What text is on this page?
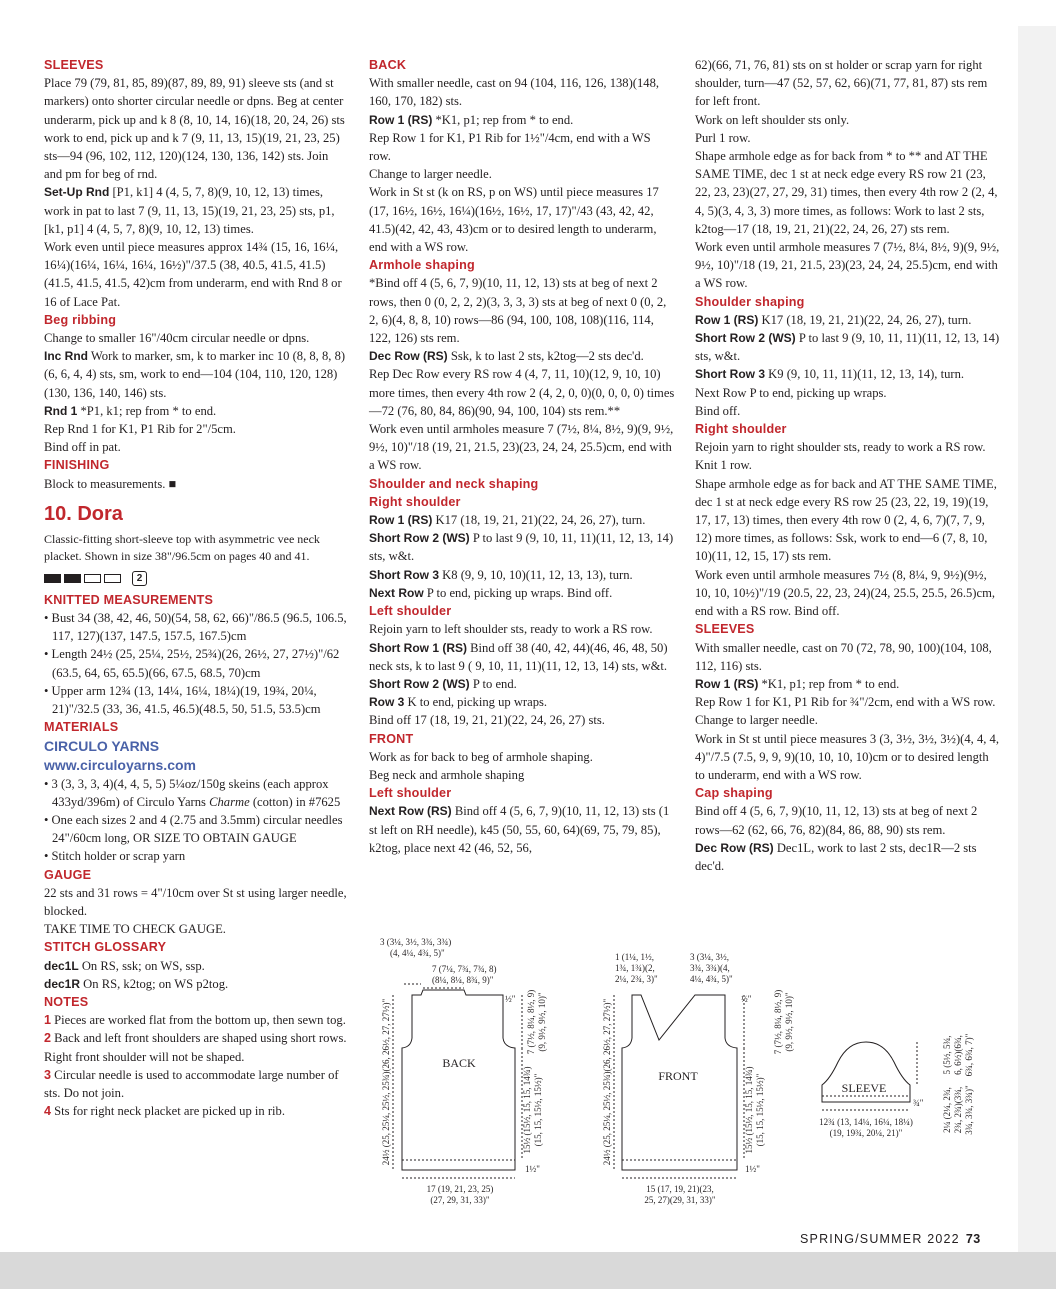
SLEEVES

Place 79 (79, 81, 85, 89)(87, 89, 89, 91) sleeve sts (and st markers) onto shorter circular needle or dpns. Beg at center underarm, pick up and k 8 (8, 10, 14, 16)(18, 20, 24, 26) sts work to end, pick up and k 7 (9, 11, 13, 15)(19, 21, 23, 25) sts—94 (96, 102, 112, 120)(124, 130, 136, 142) sts. Join and pm for beg of rnd.

Set-Up Rnd [P1, k1] 4 (4, 5, 7, 8)(9, 10, 12, 13) times, work in pat to last 7 (9, 11, 13, 15)(19, 21, 23, 25) sts, p1, [k1, p1] 4 (4, 5, 7, 8)(9, 10, 12, 13) times.

Work even until piece measures approx 14¾ (15, 16, 16¼, 16¼)(16¼, 16¼, 16¼, 16½)"/37.5 (38, 40.5, 41.5, 41.5)(41.5, 41.5, 41.5, 42)cm from underarm, end with Rnd 8 or 16 of Lace Pat.

Beg ribbing

Change to smaller 16"/40cm circular needle or dpns.

Inc Rnd Work to marker, sm, k to marker inc 10 (8, 8, 8, 8)(6, 6, 4, 4) sts, sm, work to end—104 (104, 110, 120, 128)(130, 136, 140, 146) sts.

Rnd 1 *P1, k1; rep from * to end.

Rep Rnd 1 for K1, P1 Rib for 2"/5cm.

Bind off in pat.

FINISHING

Block to measurements. ■

10. Dora

Classic-fitting short-sleeve top with asymmetric vee neck placket. Shown in size 38"/96.5cm on pages 40 and 41.

2

KNITTED MEASUREMENTS

• Bust 34 (38, 42, 46, 50)(54, 58, 62, 66)"/86.5 (96.5, 106.5, 117, 127)(137, 147.5, 157.5, 167.5)cm

• Length 24½ (25, 25¼, 25½, 25¾)(26, 26½, 27, 27½)"/62 (63.5, 64, 65, 65.5)(66, 67.5, 68.5, 70)cm

• Upper arm 12¾ (13, 14¼, 16¼, 18¼)(19, 19¾, 20¼, 21)"/32.5 (33, 36, 41.5, 46.5)(48.5, 50, 51.5, 53.5)cm

MATERIALS

CIRCULO YARNS

www.circuloyarns.com

• 3 (3, 3, 3, 4)(4, 4, 5, 5) 5¼oz/150g skeins (each approx 433yd/396m) of Circulo Yarns Charme (cotton) in #7625

• One each sizes 2 and 4 (2.75 and 3.5mm) circular needles 24"/60cm long, OR SIZE TO OBTAIN GAUGE

• Stitch holder or scrap yarn

GAUGE

22 sts and 31 rows = 4"/10cm over St st using larger needle, blocked.

TAKE TIME TO CHECK GAUGE.

STITCH GLOSSARY

dec1L On RS, ssk; on WS, ssp.

dec1R On RS, k2tog; on WS p2tog.

NOTES

1 Pieces are worked flat from the bottom up, then sewn tog.

2 Back and left front shoulders are shaped using short rows. Right front shoulder will not be shaped.

3 Circular needle is used to accommodate large number of sts. Do not join.

4 Sts for right neck placket are picked up in rib.

BACK

With smaller needle, cast on 94 (104, 116, 126, 138)(148, 160, 170, 182) sts.

Row 1 (RS) *K1, p1; rep from * to end.

Rep Row 1 for K1, P1 Rib for 1½"/4cm, end with a WS row.

Change to larger needle.

Work in St st (k on RS, p on WS) until piece measures 17 (17, 16½, 16½, 16¼)(16½, 16½, 17, 17)"/43 (43, 42, 42, 41.5)(42, 42, 43, 43)cm or to desired length to underarm, end with a WS row.

Armhole shaping

*Bind off 4 (5, 6, 7, 9)(10, 11, 12, 13) sts at beg of next 2 rows, then 0 (0, 2, 2, 2)(3, 3, 3, 3) sts at beg of next 0 (0, 2, 2, 6)(4, 8, 8, 10) rows—86 (94, 100, 108, 108)(116, 114, 122, 126) sts rem.

Dec Row (RS) Ssk, k to last 2 sts, k2tog—2 sts dec'd.

Rep Dec Row every RS row 4 (4, 7, 11, 10)(12, 9, 10, 10) more times, then every 4th row 2 (4, 2, 0, 0)(0, 0, 0, 0) times—72 (76, 80, 84, 86)(90, 94, 100, 104) sts rem.**

Work even until armholes measure 7 (7½, 8¼, 8½, 9)(9, 9½, 9½, 10)"/18 (19, 21, 21.5, 23)(23, 24, 24, 25.5)cm, end with a WS row.

Shoulder and neck shaping

Right shoulder

Row 1 (RS) K17 (18, 19, 21, 21)(22, 24, 26, 27), turn.

Short Row 2 (WS) P to last 9 (9, 10, 11, 11)(11, 12, 13, 14) sts, w&t.

Short Row 3 K8 (9, 9, 10, 10)(11, 12, 13, 13), turn.

Next Row P to end, picking up wraps. Bind off.

Left shoulder

Rejoin yarn to left shoulder sts, ready to work a RS row.

Short Row 1 (RS) Bind off 38 (40, 42, 44)(46, 46, 48, 50) neck sts, k to last 9 ( 9, 10, 11, 11)(11, 12, 13, 14) sts, w&t.

Short Row 2 (WS) P to end.

Row 3 K to end, picking up wraps.

Bind off 17 (18, 19, 21, 21)(22, 24, 26, 27) sts.

FRONT

Work as for back to beg of armhole shaping.

Beg neck and armhole shaping

Left shoulder

Next Row (RS) Bind off 4 (5, 6, 7, 9)(10, 11, 12, 13) sts (1 st left on RH needle), k45 (50, 55, 60, 64)(69, 75, 79, 85), k2tog, place next 42 (46, 52, 56,

62)(66, 71, 76, 81) sts on st holder or scrap yarn for right shoulder, turn—47 (52, 57, 62, 66)(71, 77, 81, 87) sts rem for left front.

Work on left shoulder sts only.

Purl 1 row.

Shape armhole edge as for back from * to ** and AT THE SAME TIME, dec 1 st at neck edge every RS row 21 (23, 22, 23, 23)(27, 27, 29, 31) times, then every 4th row 2 (2, 4, 4, 5)(3, 4, 3, 3) more times, as follows: Work to last 2 sts, k2tog—17 (18, 19, 21, 21)(22, 24, 26, 27) sts rem.

Work even until armhole measures 7 (7½, 8¼, 8½, 9)(9, 9½, 9½, 10)"/18 (19, 21, 21.5, 23)(23, 24, 24, 25.5)cm, end with a WS row.

Shoulder shaping

Row 1 (RS) K17 (18, 19, 21, 21)(22, 24, 26, 27), turn.

Short Row 2 (WS) P to last 9 (9, 10, 11, 11)(11, 12, 13, 14) sts, w&t.

Short Row 3 K9 (9, 10, 11, 11)(11, 12, 13, 14), turn.

Next Row P to end, picking up wraps.

Bind off.

Right shoulder

Rejoin yarn to right shoulder sts, ready to work a RS row.

Knit 1 row.

Shape armhole edge as for back and AT THE SAME TIME, dec 1 st at neck edge every RS row 25 (23, 22, 19, 19)(19, 17, 17, 13) times, then every 4th row 0 (2, 4, 6, 7)(7, 7, 9, 12) more times, as follows: Ssk, work to end—6 (7, 8, 10, 10)(11, 12, 15, 17) sts rem.

Work even until armhole measures 7½ (8, 8¼, 9, 9½)(9½, 10, 10, 10½)"/19 (20.5, 22, 23, 24)(24, 25.5, 25.5, 26.5)cm, end with a RS row. Bind off.

SLEEVES

With smaller needle, cast on 70 (72, 78, 90, 100)(104, 108, 112, 116) sts.

Row 1 (RS) *K1, p1; rep from * to end.

Rep Row 1 for K1, P1 Rib for ¾"/2cm, end with a WS row.

Change to larger needle.

Work in St st until piece measures 3 (3, 3½, 3½, 3½)(4, 4, 4, 4)"/7.5 (7.5, 9, 9, 9)(10, 10, 10, 10)cm or to desired length to underarm, end with a WS row.

Cap shaping

Bind off 4 (5, 6, 7, 9)(10, 11, 12, 13) sts at beg of next 2 rows—62 (62, 66, 76, 82)(84, 86, 88, 90) sts rem.

Dec Row (RS) Dec1L, work to last 2 sts, dec1R—2 sts dec'd.

BACK
3 (3¼, 3½, 3¾, 3¾)
(4, 4¼, 4¾, 5)"
7 (7¼, 7¾, 7¾, 8)
(8¼, 8¼, 8¾, 9)"
½"
1½"
17 (19, 21, 23, 25)
(27, 29, 31, 33)"
24½ (25, 25¼, 25½, 25¾)(26, 26½, 27, 27½)"	7 (7½, 8¼, 8½, 9) (9, 9½, 9½, 10)"
15½ (15½, 15, 15, 14¾) (15, 15, 15½, 15½)"	FRONT
1 (1¼, 1½,
1¾, 1¾)(2,
2¼, 2¾, 3)"
3 (3¼, 3½,
3¾, 3¾)(4,
4¼, 4¾, 5)"
½"
1½"
15 (17, 19, 21)(23,
25, 27)(29, 31, 33)"
24½ (25, 25¼, 25½, 25¾)(26, 26½, 27, 27½)"	7 (7½, 8¼, 8½, 9) (9, 9½, 9½, 10)"
15½ (15½, 15, 15, 14¾) (15, 15, 15½, 15½)"	SLEEVE
¾"
12¾ (13, 14¼, 16¼, 18¼)
(19, 19¾, 20¼, 21)"
5 (5½, 5¾, 6, 6½)(6¾, 6¾, 6¾, 7)"
2¼ (2¼, 2¾, 2¾, 2¾)(3¾, 3¾, 3¾, 3¾)"
SPRING/SUMMER 2022 73
